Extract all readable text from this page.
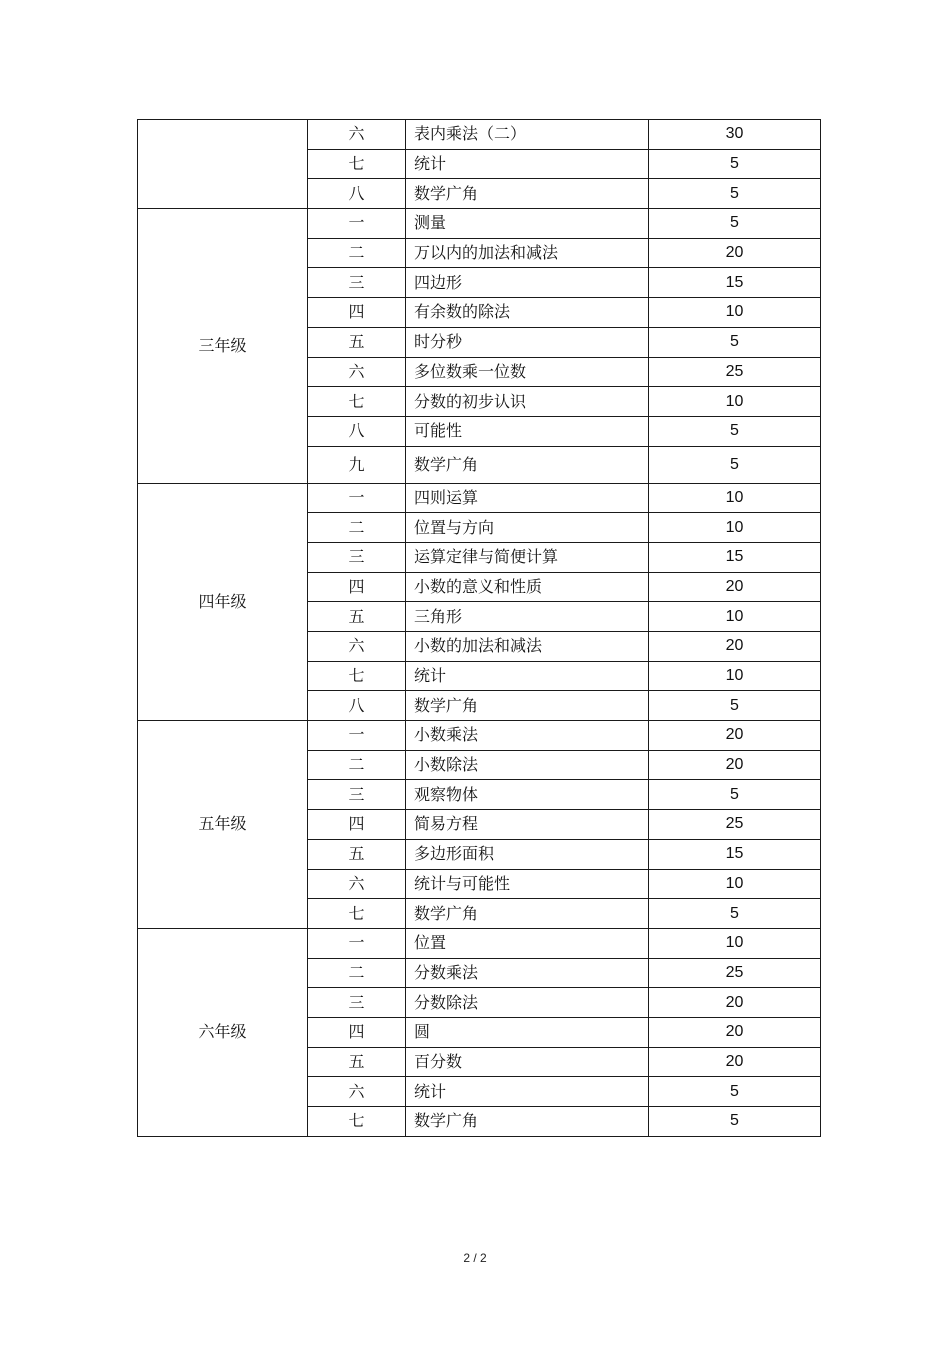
	六	表内乘法（二）	30
	七	统计	5
	八	数学广角	5
三年级	一	测量	5
	二	万以内的加法和减法	20
	三	四边形	15
	四	有余数的除法	10
	五	时分秒	5
	六	多位数乘一位数	25
	七	分数的初步认识	10
	八	可能性	5
	九	数学广角	5
四年级	一	四则运算	10
	二	位置与方向	10
	三	运算定律与简便计算	15
	四	小数的意义和性质	20
	五	三角形	10
	六	小数的加法和减法	20
	七	统计	10
	八	数学广角	5
五年级	一	小数乘法	20
	二	小数除法	20
	三	观察物体	5
	四	简易方程	25
	五	多边形面积	15
	六	统计与可能性	10
	七	数学广角	5
六年级	一	位置	10
	二	分数乘法	25
	三	分数除法	20
	四	圆	20
	五	百分数	20
	六	统计	5
	七	数学广角	5
2 / 2
